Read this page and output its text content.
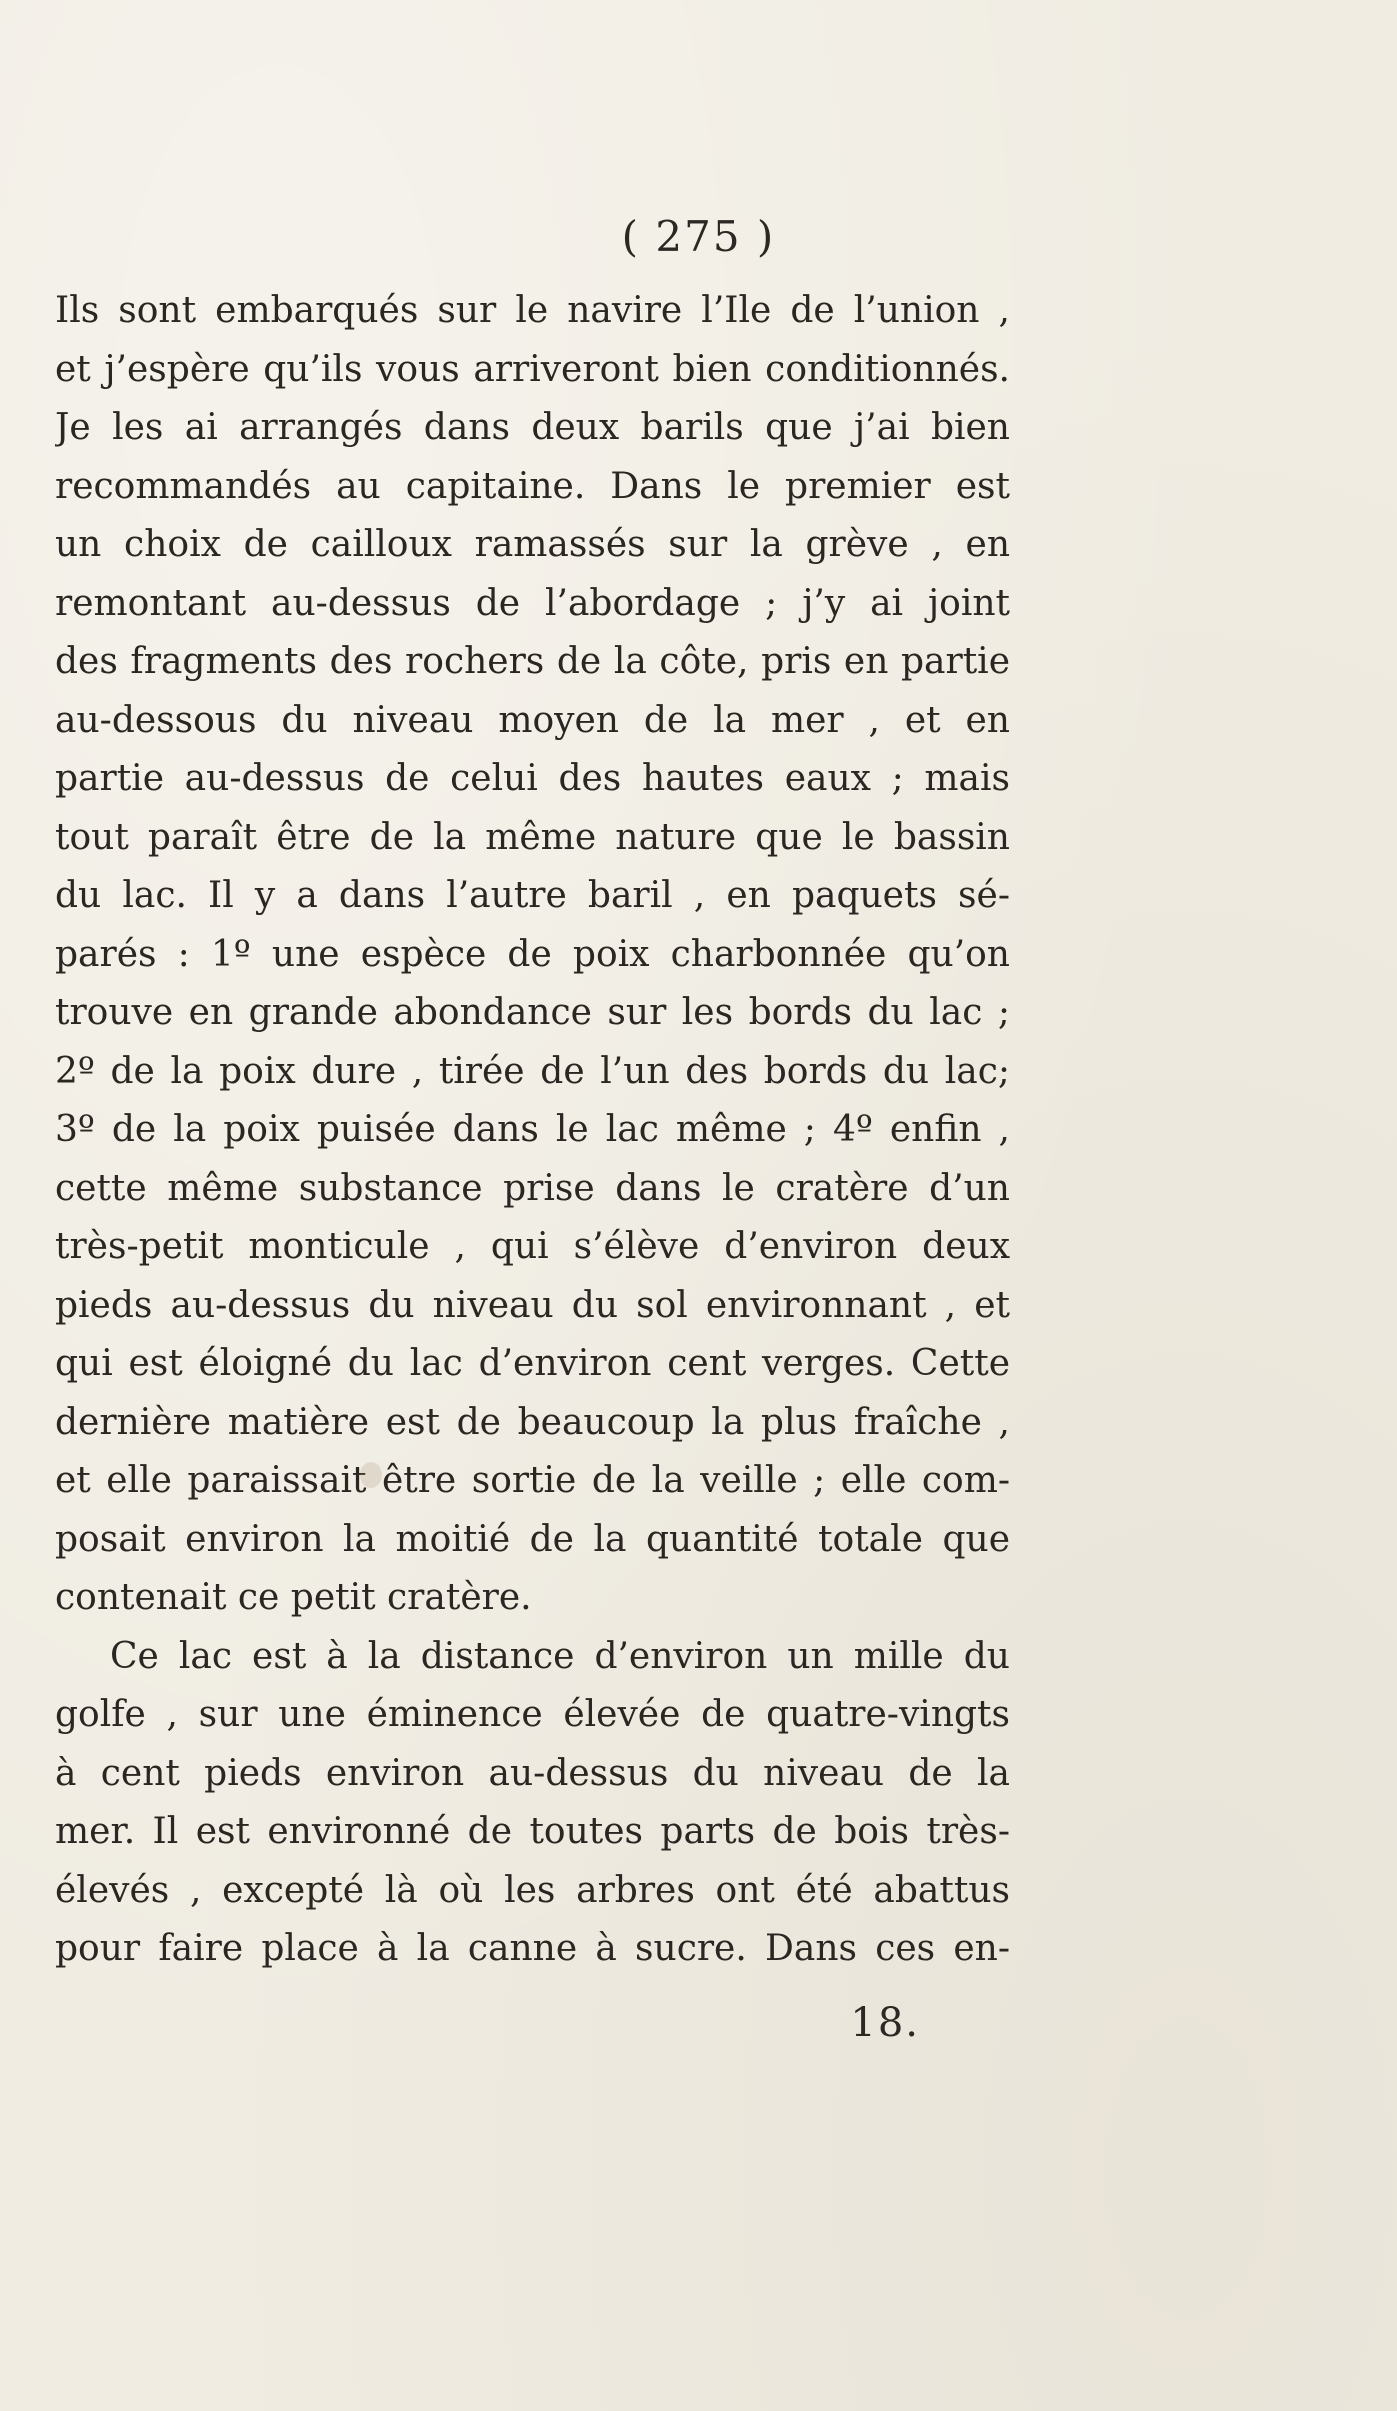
( 275 )
Ils sont embarqués sur le navire l’Ile de l’union ,
et j’espère qu’ils vous arriveront bien conditionnés.
Je les ai arrangés dans deux barils que j’ai bien
recommandés au capitaine. Dans le premier est
un choix de cailloux ramassés sur la grève , en
remontant au-dessus de l’abordage ; j’y ai joint
des fragments des rochers de la côte, pris en partie
au-dessous du niveau moyen de la mer , et en
partie au-dessus de celui des hautes eaux ; mais
tout paraît être de la même nature que le bassin
du lac. Il y a dans l’autre baril , en paquets sé-
parés : 1º une espèce de poix charbonnée qu’on
trouve en grande abondance sur les bords du lac ;
2º de la poix dure , tirée de l’un des bords du lac;
3º de la poix puisée dans le lac même ; 4º enfin ,
cette même substance prise dans le cratère d’un
très-petit monticule , qui s’élève d’environ deux
pieds au-dessus du niveau du sol environnant , et
qui est éloigné du lac d’environ cent verges. Cette
dernière matière est de beaucoup la plus fraîche ,
et elle paraissait être sortie de la veille ; elle com-
posait environ la moitié de la quantité totale que
contenait ce petit cratère.
Ce lac est à la distance d’environ un mille du
golfe , sur une éminence élevée de quatre-vingts
à cent pieds environ au-dessus du niveau de la
mer. Il est environné de toutes parts de bois très-
élevés , excepté là où les arbres ont été abattus
pour faire place à la canne à sucre. Dans ces en-
18.
